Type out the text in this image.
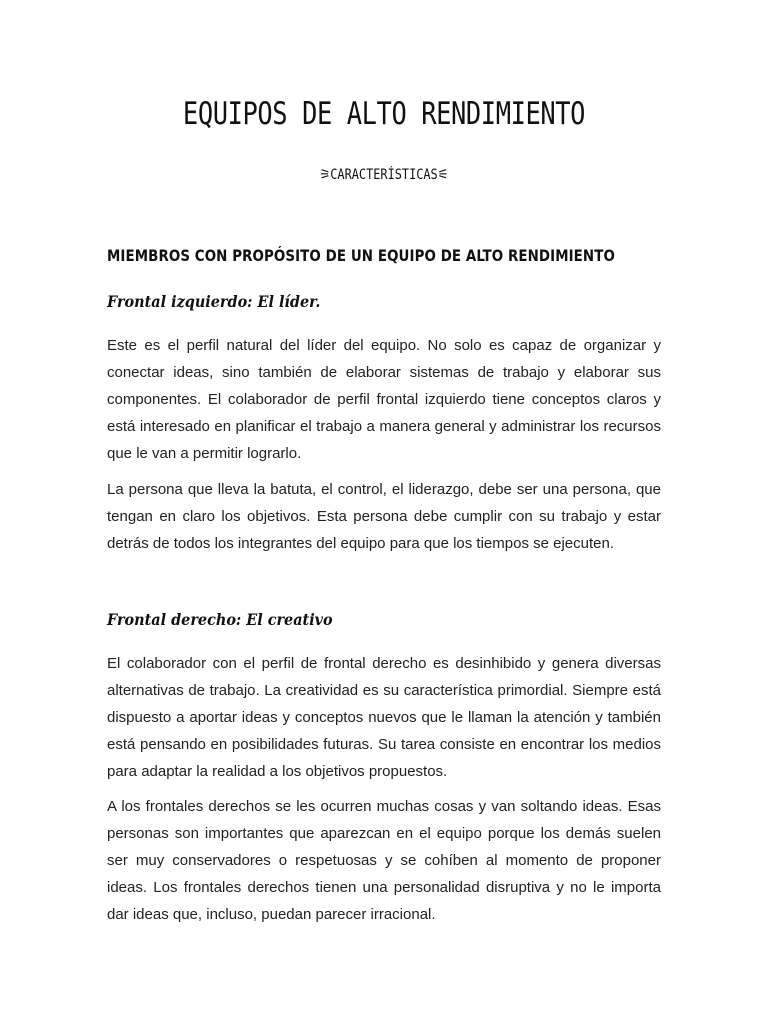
EQUIPOS DE ALTO RENDIMIENTO
⚞CARACTERÍSTICAS⚟
MIEMBROS CON PROPÓSITO DE UN EQUIPO DE ALTO RENDIMIENTO
Frontal izquierdo: El líder.

Este es el perfil natural del líder del equipo. No solo es capaz de organizar y conectar ideas, sino también de elaborar sistemas de trabajo y elaborar sus componentes. El colaborador de perfil frontal izquierdo tiene conceptos claros y está interesado en planificar el trabajo a manera general y administrar los recursos que le van a permitir lograrlo.

La persona que lleva la batuta, el control, el liderazgo, debe ser una persona, que tengan en claro los objetivos. Esta persona debe cumplir con su trabajo y estar detrás de todos los integrantes del equipo para que los tiempos se ejecuten.

Frontal derecho: El creativo

El colaborador con el perfil de frontal derecho es desinhibido y genera diversas alternativas de trabajo. La creatividad es su característica primordial. Siempre está dispuesto a aportar ideas y conceptos nuevos que le llaman la atención y también está pensando en posibilidades futuras. Su tarea consiste en encontrar los medios para adaptar la realidad a los objetivos propuestos.

A los frontales derechos se les ocurren muchas cosas y van soltando ideas. Esas personas son importantes que aparezcan en el equipo porque los demás suelen ser muy conservadores o respetuosas y se cohíben al momento de proponer ideas. Los frontales derechos tienen una personalidad disruptiva y no le importa dar ideas que, incluso, puedan parecer irracional.
